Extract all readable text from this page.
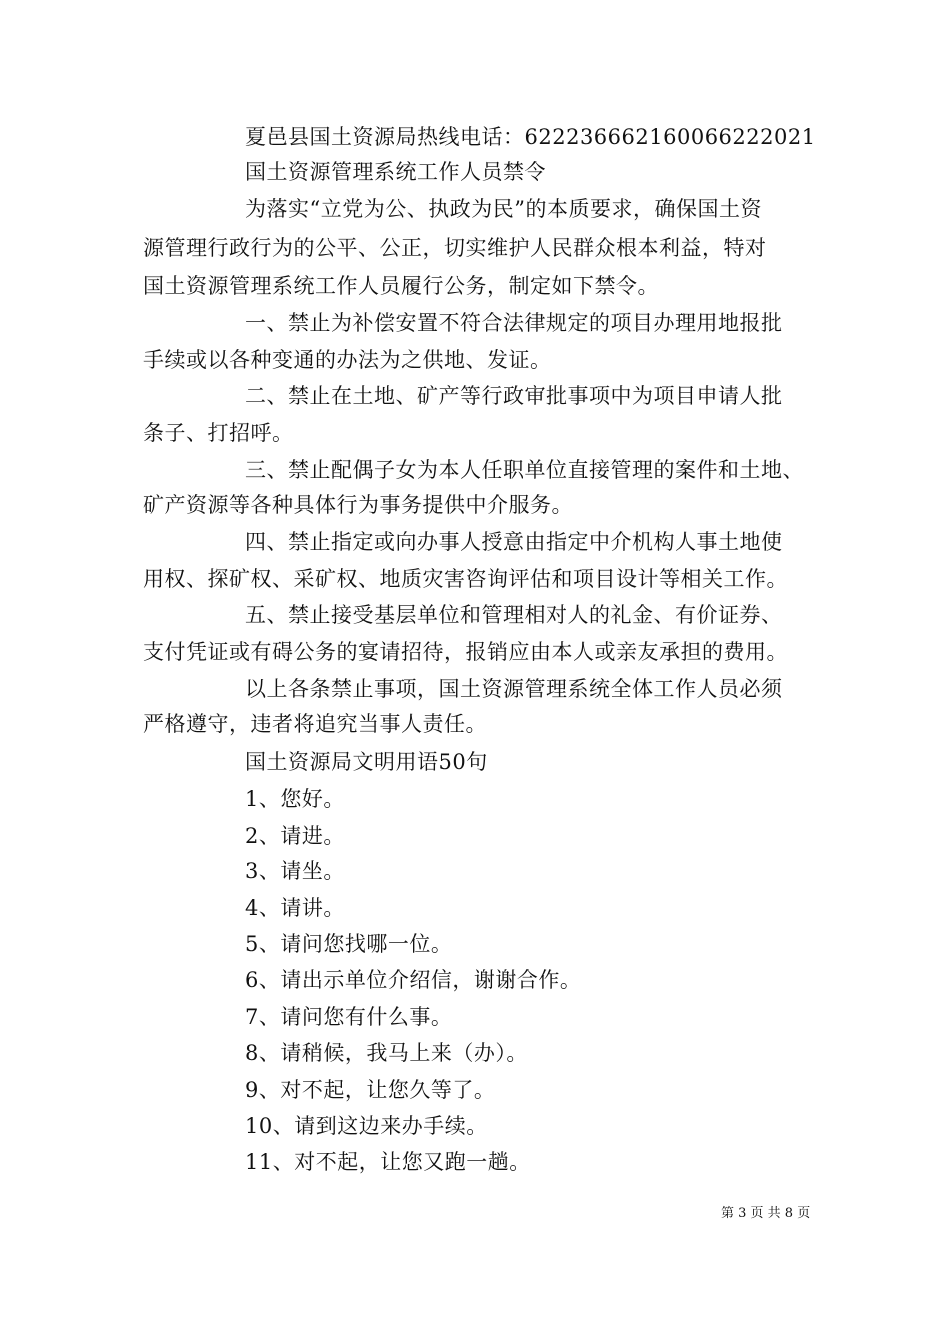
夏邑县国土资源局热线电话：62223666216006622202​1
国土资源管理系统工作人员禁令
为落实“立党为公、执政为民”的本质要求，确保国土资
源管理行政行为的公平、公正，切实维护人民群众根本利益，特对
国土资源管理系统工作人员履行公务，制定如下禁令。
一、禁止为补偿安置不符合法律规定的项目办理用地报批
手续或以各种变通的办法为之供地、发证。
二、禁止在土地、矿产等行政审批事项中为项目申请人批
条子、打招呼。
三、禁止配偶子女为本人任职单位直接管理的案件和土地、
矿产资源等各种具体行为事务提供中介服务。
四、禁止指定或向办事人授意由指定中介机构人事土地使
用权、探矿权、采矿权、地质灾害咨询评估和项目设计等相关工作。
五、禁止接受基层单位和管理相对人的礼金、有价证券、
支付凭证或有碍公务的宴请招待，报销应由本人或亲友承担的费用。
以上各条禁止事项，国土资源管理系统全体工作人员必须
严格遵守，违者将追究当事人责任。
国土资源局文明用语50句
1、您好。
2、请进。
3、请坐。
4、请讲。
5、请问您找哪一位。
6、请出示单位介绍信，谢谢合作。
7、请问您有什么事。
8、请稍候，我马上来（办）。
9、对不起，让您久等了。
10、请到这边来办手续。
11、对不起，让您又跑一趟。
第 3 页 共 8 页
